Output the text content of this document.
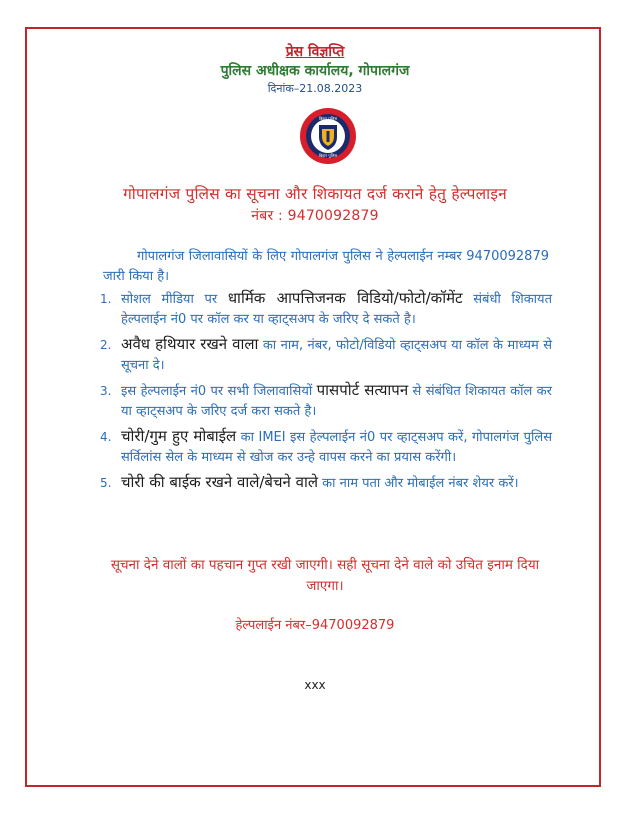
प्रेस विज्ञप्ति
पुलिस अधीक्षक कार्यालय, गोपालगंज
दिनांक–21.08.2023
बिहार पुलिस
बिहार पुलिस
गोपालगंज पुलिस का सूचना और शिकायत दर्ज कराने हेतु हेल्पलाइन
नंबर : 9470092879
गोपालगंज जिलावासियों के लिए गोपालगंज पुलिस ने हेल्पलाईन नम्बर 9470092879 जारी किया है।
1. सोशल मीडिया पर धार्मिक आपत्तिजनक विडियो/फोटो/कॉमेंट संबंधी शिकायत हेल्पलाईन नं0 पर कॉल कर या व्हाट्सअप के जरिए दे सकते है।
2. अवैध हथियार रखने वाला का नाम, नंबर, फोटो/विडियो व्हाट्सअप या कॉल के माध्यम से सूचना दे।
3. इस हेल्पलाईन नं0 पर सभी जिलावासियों पासपोर्ट सत्यापन से संबंधित शिकायत कॉल कर या व्हाट्सअप के जरिए दर्ज करा सकते है।
4. चोरी/गुम हुए मोबाईल का IMEI इस हेल्पलाईन नं0 पर व्हाट्सअप करें, गोपालगंज पुलिस सर्विलांस सेल के माध्यम से खोज कर उन्हे वापस करने का प्रयास करेंगी।
5. चोरी की बाईक रखने वाले/बेचने वाले का नाम पता और मोबाईल नंबर शेयर करें।
सूचना देने वालों का पहचान गुप्त रखी जाएगी। सही सूचना देने वाले को उचित इनाम दिया जाएगा।
हेल्पलाईन नंबर–9470092879
xxx
